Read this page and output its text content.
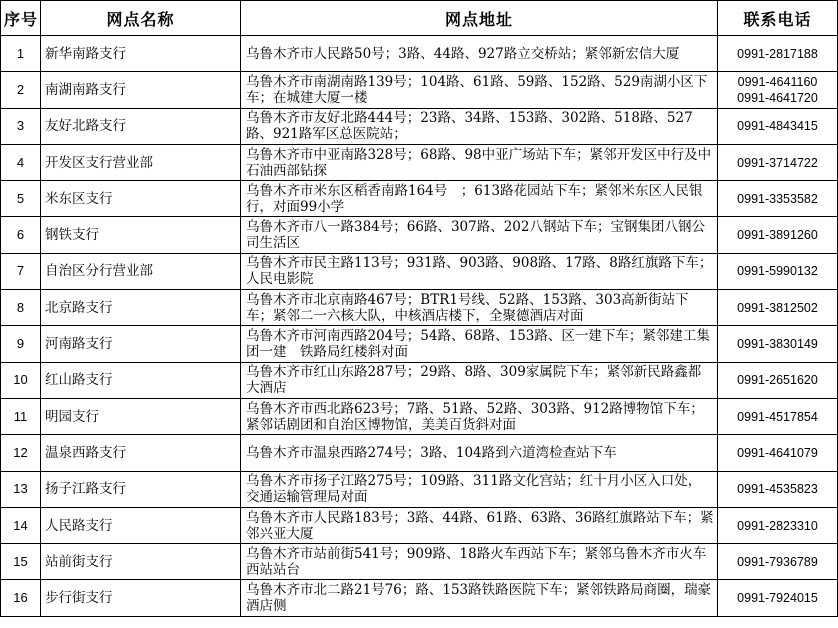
序号	网点名称	网点地址	联系电话
1	新华南路支行	乌鲁木齐市人民路50号；3路、44路、927路立交桥站；紧邻新宏信大厦	0991-2817188

2	南湖南路支行	乌鲁木齐市南湖南路139号；104路、61路、59路、152路、529南湖小区下车；在城建大厦一楼	0991-4641160
0991-4641720

3	友好北路支行	乌鲁木齐市友好北路444号；23路、34路、153路、302路、518路、527路、921路军区总医院站；	0991-4843415

4	开发区支行营业部	乌鲁木齐市中亚南路328号；68路、98中亚广场站下车；紧邻开发区中行及中石油西部钻探	0991-3714722

5	米东区支行	乌鲁木齐市米东区稻香南路164号　；613路花园站下车；紧邻米东区人民银行，对面99小学	0991-3353582

6	钢铁支行	乌鲁木齐市八一路384号；66路、307路、202八钢站下车；宝钢集团八钢公司生活区	0991-3891260

7	自治区分行营业部	乌鲁木齐市民主路113号；931路、903路、908路、17路、8路红旗路下车；人民电影院	0991-5990132

8	北京路支行	乌鲁木齐市北京南路467号；BTR1号线、52路、153路、303高新街站下车；紧邻二一六核大队，中核酒店楼下，全聚德酒店对面	0991-3812502

9	河南路支行	乌鲁木齐市河南西路204号；54路、68路、153路、区一建下车；紧邻建工集团一建　铁路局红楼斜对面	0991-3830149

10	红山路支行	乌鲁木齐市红山东路287号；29路、8路、309家属院下车；紧邻新民路鑫都大酒店	0991-2651620

11	明园支行	乌鲁木齐市西北路623号；7路、51路、52路、303路、912路博物馆下车；紧邻话剧团和自治区博物馆，美美百货斜对面	0991-4517854

12	温泉西路支行	乌鲁木齐市温泉西路274号；3路、104路到六道湾检查站下车	0991-4641079

13	扬子江路支行	乌鲁木齐市扬子江路275号；109路、311路文化宫站；红十月小区入口处，交通运输管理局对面	0991-4535823

14	人民路支行	乌鲁木齐市人民路183号；3路、44路、61路、63路、36路红旗路站下车；紧邻兴亚大厦	0991-2823310

15	站前街支行	乌鲁木齐市站前街541号；909路、18路火车西站下车；紧邻乌鲁木齐市火车西站站台	0991-7936789

16	步行街支行	乌鲁木齐市北二路21号76；路、153路铁路医院下车；紧邻铁路局商圈，瑞豪酒店侧	0991-7924015
